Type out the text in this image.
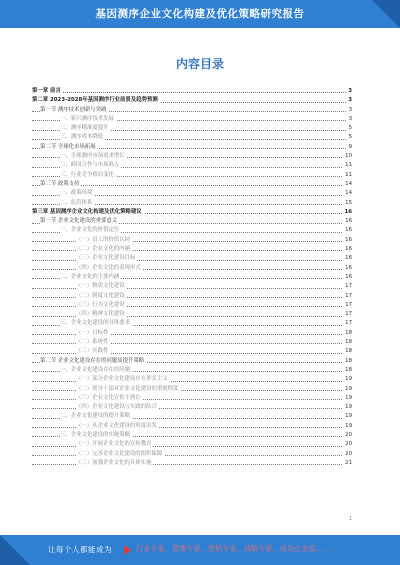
基因测序企业文化构建及优化策略研究报告
内容目录
第一章 前言	3
第二章 2023-2028年基因测序行业前景及趋势预测	3
第一节 测序技术创新与突破	3
一、新兴测序技术发展	3
二、测序精准度提升	5
三、测序成本降低	5
第二节 全球化市场拓展	9
一、全球测序市场需求增长	10
二、跨国合作与市场准入	11
三、行业竞争格局变化	11
第三节 政策支持	14
一、政策环境	14
二、监管体系	15
第三章 基因测序企业文化构建及优化策略建议	16
第一节 企业文化建设的重要意义	16
一、企业文化的价值定位	16
（一）员工的价值认同	16
（二）企业文化的内涵	16
（三）企业文化建设目标	16
（四）企业文化的表现形式	16
二、企业文化的主要内涵	16
（一）物质文化建设	17
（二）制度文化建设	17
（三）行为文化建设	17
（四）精神文化建设	17
三、企业文化建设的具体要求	17
（一）目标性	18
（二）系统性	18
（三）实践性	18
第二节 企业文化建设存在的问题及提升策略	18
一、企业文化建设存在的问题	18
（一）部分企业文化建设存在形式主义	19
（二）领导干部对企业文化建设的重视程度	19
（三）企业文化宣传不到位	19
（四）企业文化建设与实践的结合	19
二、企业文化建设的提升策略	19
（一）从企业文化建设的角度出发	19
三、企业文化建设的实施策略	20
（一）开展企业文化的宣传教育	20
（二）完善企业文化建设的组织保障	20
（三）加强企业文化的具体实施	21
1
让每个人都能成为	行业专家、管理专家、营销专家、战略专家、成功企业家……
